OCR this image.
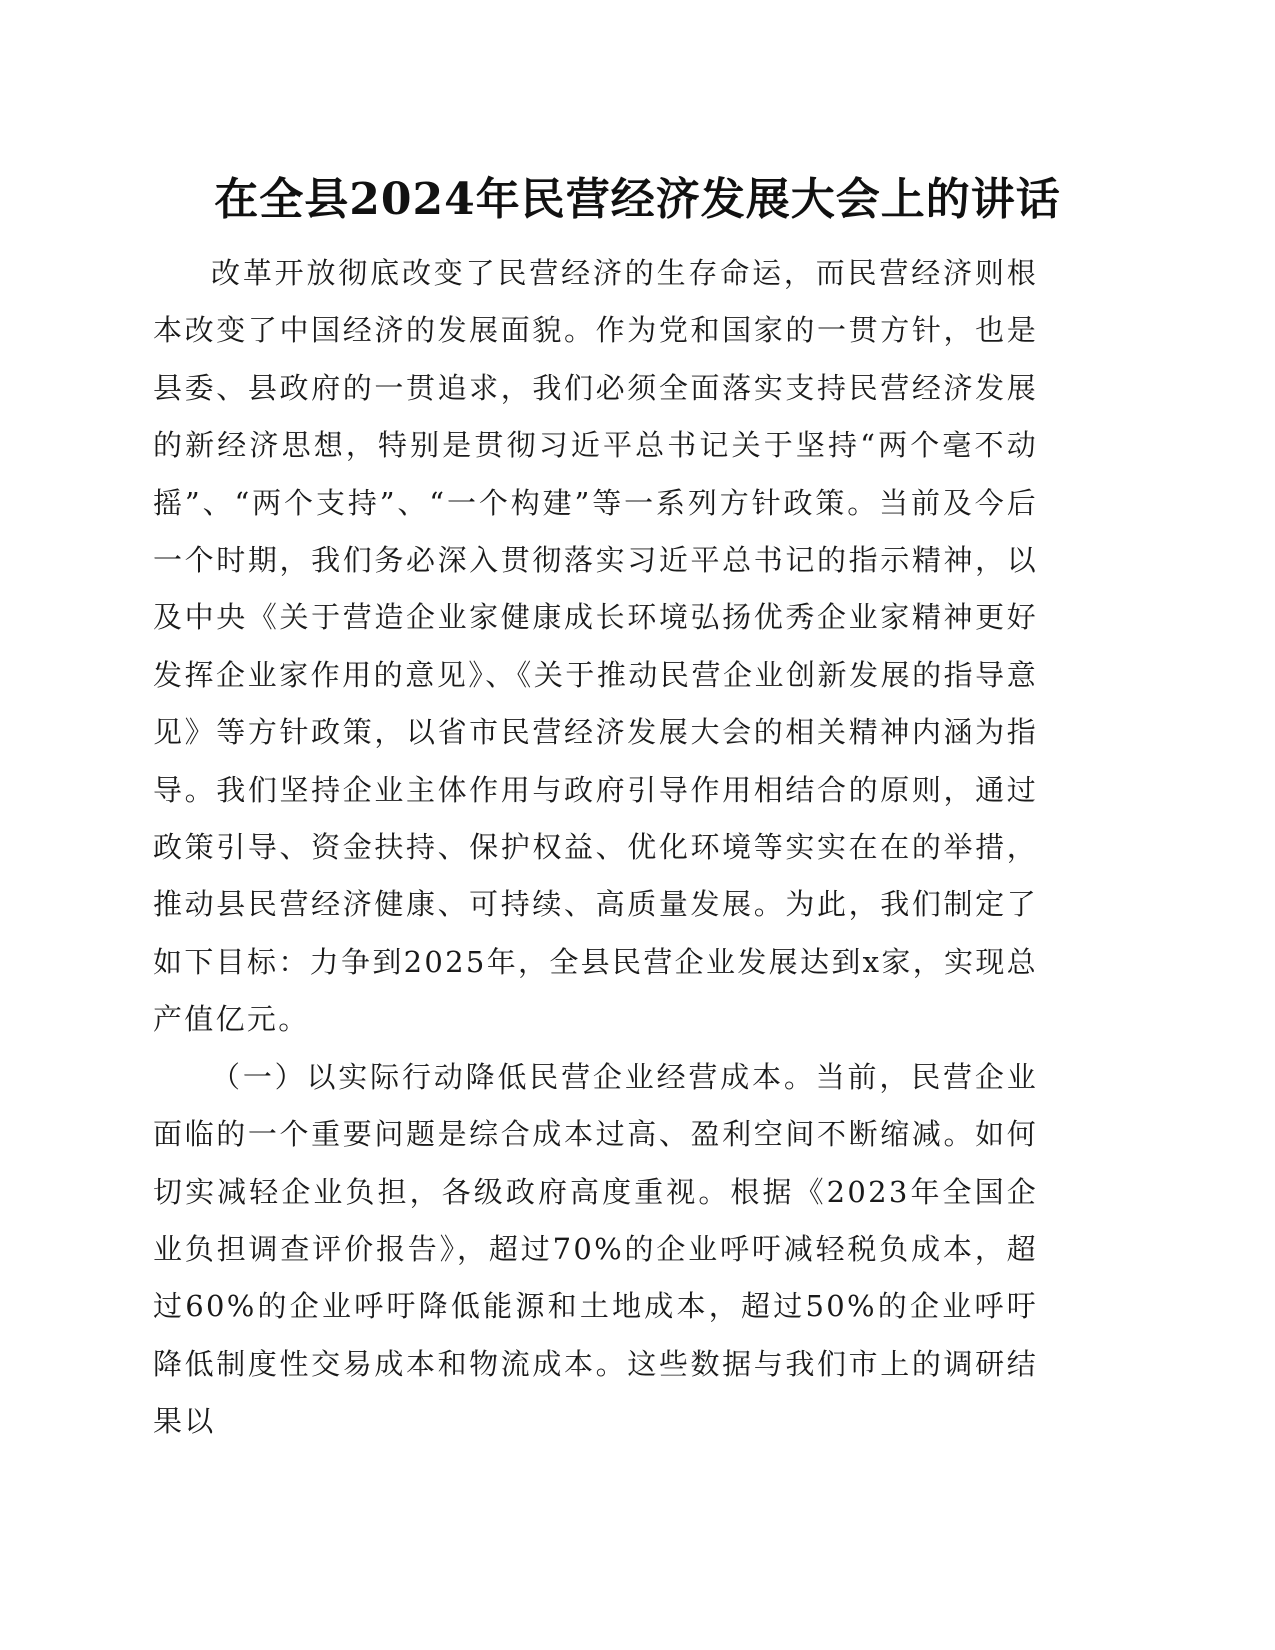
在全县2024年民营经济发展大会上的讲话

改革开放彻底改变了民营经济的生存命运，而民营经济则根本改变了中国经济的发展面貌。作为党和国家的一贯方针，也是县委、县政府的一贯追求，我们必须全面落实支持民营经济发展的新经济思想，特别是贯彻习近平总书记关于坚持“两个毫不动摇”、“两个支持”、“一个构建”等一系列方针政策。当前及今后一个时期，我们务必深入贯彻落实习近平总书记的指示精神，以及中央《关于营造企业家健康成长环境弘扬优秀企业家精神更好发挥企业家作用的意见》、《关于推动民营企业创新发展的指导意见》等方针政策，以省市民营经济发展大会的相关精神内涵为指导。我们坚持企业主体作用与政府引导作用相结合的原则，通过政策引导、资金扶持、保护权益、优化环境等实实在在的举措，推动县民营经济健康、可持续、高质量发展。为此，我们制定了如下目标：力争到2025年，全县民营企业发展达到x家，实现总产值亿元。

（一）以实际行动降低民营企业经营成本。当前，民营企业面临的一个重要问题是综合成本过高、盈利空间不断缩减。如何切实减轻企业负担，各级政府高度重视。根据《2023年全国企业负担调查评价报告》，超过70%的企业呼吁减轻税负成本，超过60%的企业呼吁降低能源和土地成本，超过50%的企业呼吁降低制度性交易成本和物流成本。这些数据与我们市上的调研结果以
